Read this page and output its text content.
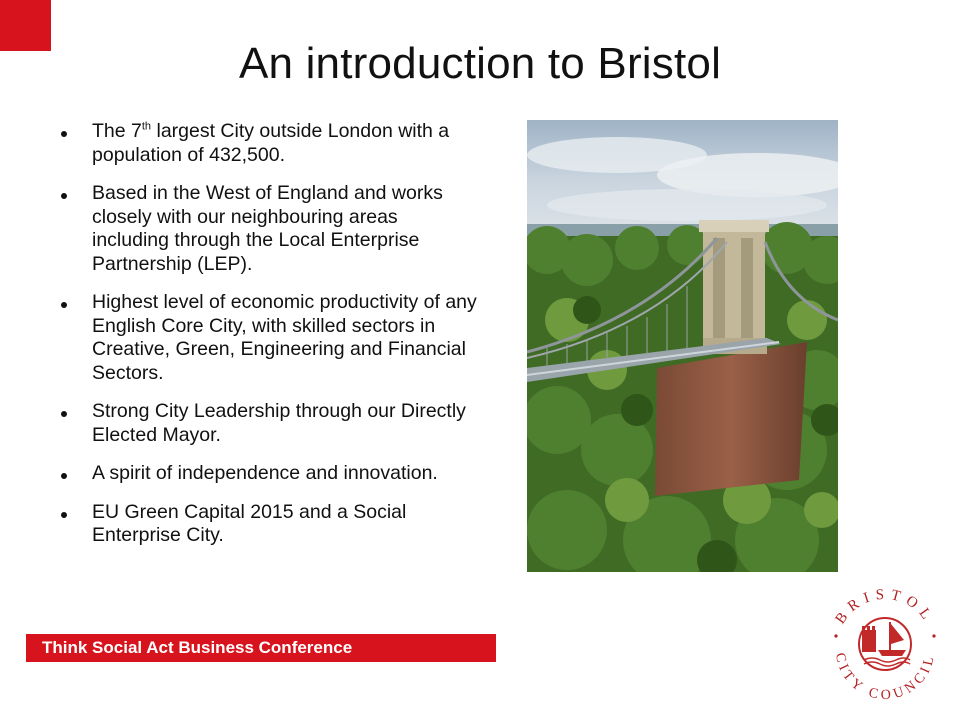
An introduction to Bristol
The 7th largest City outside London with a population of 432,500.
Based in the West of England and works closely with our neighbouring areas including through the Local Enterprise Partnership (LEP).
Highest level of economic productivity of any English Core City, with skilled sectors in Creative, Green, Engineering and Financial Sectors.
Strong City Leadership through our Directly Elected Mayor.
A spirit of independence and innovation.
EU Green Capital 2015 and a Social Enterprise City.
Think Social Act Business Conference
BRISTOL
CITY COUNCIL
